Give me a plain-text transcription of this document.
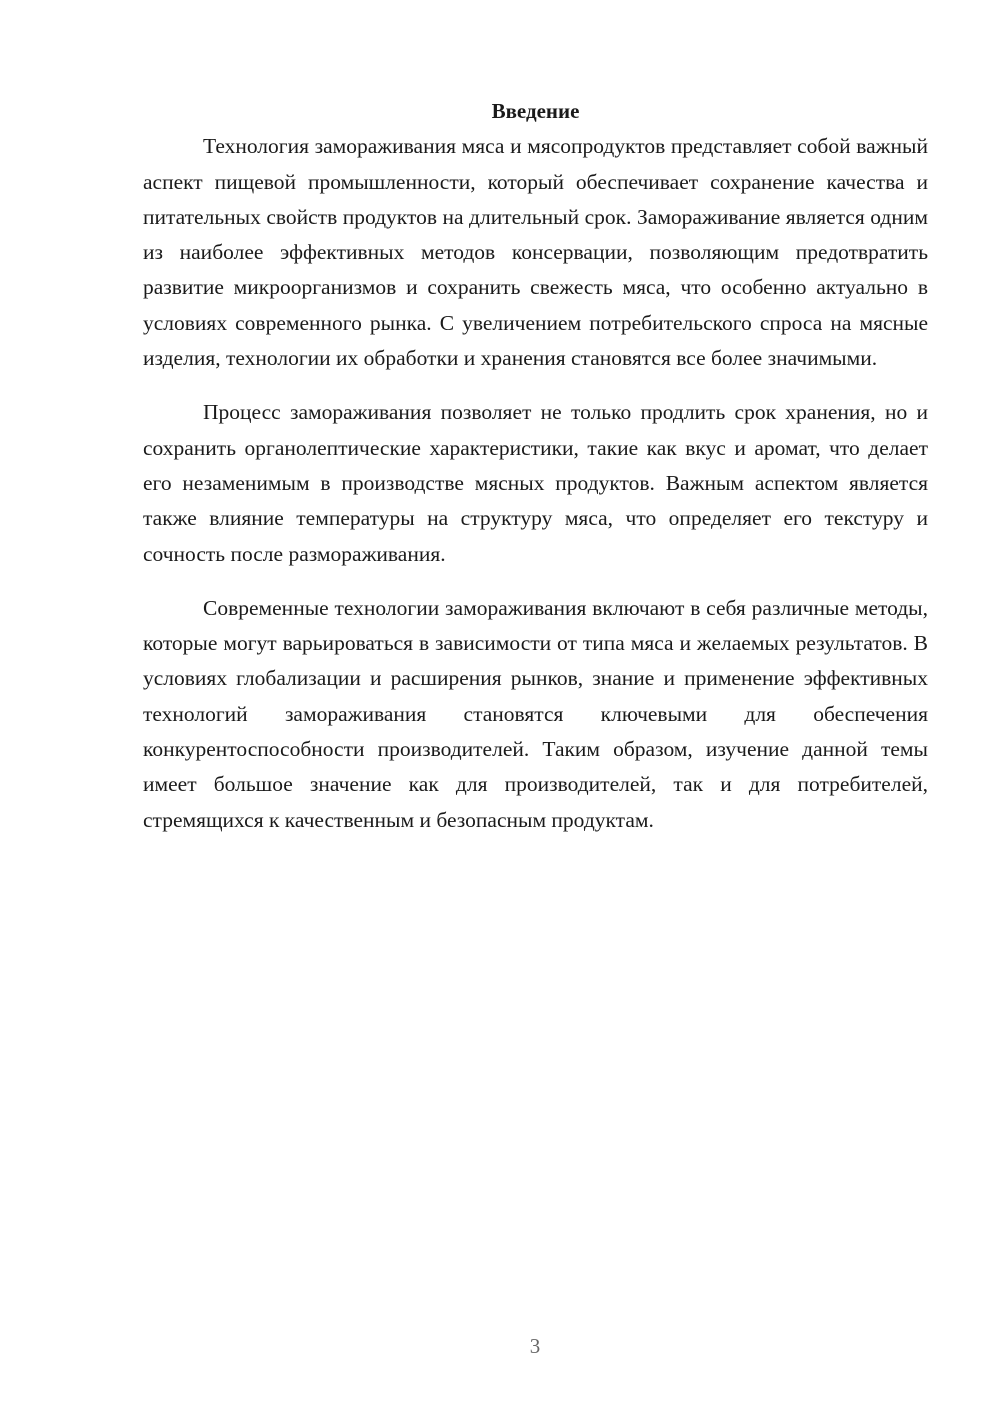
Введение

Технология замораживания мяса и мясопродуктов представляет собой важный аспект пищевой промышленности, который обеспечивает сохранение качества и питательных свойств продуктов на длительный срок. Замораживание является одним из наиболее эффективных методов консервации, позволяющим предотвратить развитие микроорганизмов и сохранить свежесть мяса, что особенно актуально в условиях современного рынка. С увеличением потребительского спроса на мясные изделия, технологии их обработки и хранения становятся все более значимыми.

Процесс замораживания позволяет не только продлить срок хранения, но и сохранить органолептические характеристики, такие как вкус и аромат, что делает его незаменимым в производстве мясных продуктов. Важным аспектом является также влияние температуры на структуру мяса, что определяет его текстуру и сочность после размораживания.

Современные технологии замораживания включают в себя различные методы, которые могут варьироваться в зависимости от типа мяса и желаемых результатов. В условиях глобализации и расширения рынков, знание и применение эффективных технологий замораживания становятся ключевыми для обеспечения конкурентоспособности производителей. Таким образом, изучение данной темы имеет большое значение как для производителей, так и для потребителей, стремящихся к качественным и безопасным продуктам.

3
